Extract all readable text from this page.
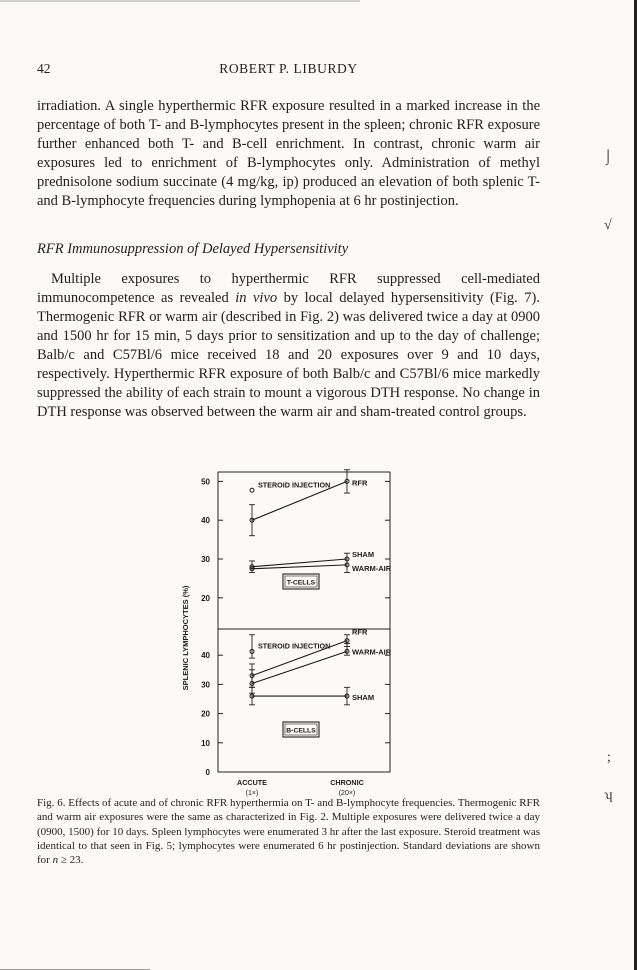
42	ROBERT P. LIBURDY

irradiation. A single hyperthermic RFR exposure resulted in a marked increase in the percentage of both T- and B-lymphocytes present in the spleen; chronic RFR exposure further enhanced both T- and B-cell enrichment. In contrast, chronic warm air exposures led to enrichment of B-lymphocytes only. Administration of methyl prednisolone sodium succinate (4 mg/kg, ip) produced an elevation of both splenic T- and B-lymphocyte frequencies during lymphopenia at 6 hr postinjection.

RFR Immunosuppression of Delayed Hypersensitivity

Multiple exposures to hyperthermic RFR suppressed cell-mediated immunocompetence as revealed in vivo by local delayed hypersensitivity (Fig. 7). Thermogenic RFR or warm air (described in Fig. 2) was delivered twice a day at 0900 and 1500 hr for 15 min, 5 days prior to sensitization and up to the day of challenge; Balb/c and C57Bl/6 mice received 18 and 20 exposures over 9 and 10 days, respectively. Hyperthermic RFR exposure of both Balb/c and C57Bl/6 mice markedly suppressed the ability of each strain to mount a vigorous DTH response. No change in DTH response was observed between the warm air and sham-treated control groups.

20
30
40
50	RFR
SHAM
WARM-AIR
STEROID INJECTION
T-CELLS
0
10
20
30
40
RFR
WARM-AIR
SHAM
STEROID INJECTION
B-CELLS
SPLENIC LYMPHOCYTES (%)
ACCUTE
(1×)
CHRONIC
(20×)

Fig. 6. Effects of acute and of chronic RFR hyperthermia on T- and B-lymphocyte frequencies. Thermogenic RFR and warm air exposures were the same as characterized in Fig. 2. Multiple exposures were delivered twice a day (0900, 1500) for 10 days. Spleen lymphocytes were enumerated 3 hr after the last exposure. Steroid treatment was identical to that seen in Fig. 5; lymphocytes were enumerated 6 hr postinjection. Standard deviations are shown for n ≥ 23.

⌡
√
;
ʮ
